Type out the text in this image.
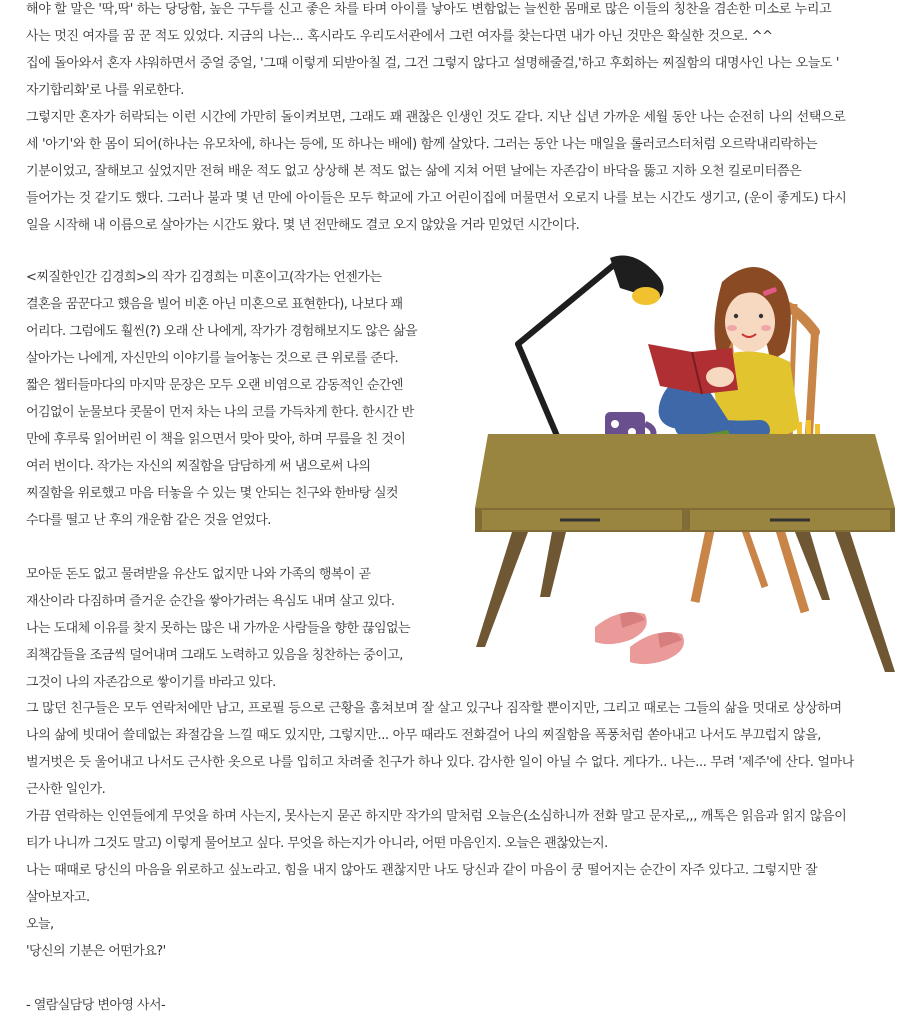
해야 할 말은 '딱,딱' 하는 당당함, 높은 구두를 신고 좋은 차를 타며 아이를 낳아도 변함없는 늘씬한 몸매로 많은 이들의 칭찬을 겸손한 미소로 누리고
사는 멋진 여자를 꿈 꾼 적도 있었다. 지금의 나는... 혹시라도 우리도서관에서 그런 여자를 찾는다면 내가 아닌 것만은 확실한 것으로. ^^
집에 돌아와서 혼자 샤워하면서 중얼 중얼, '그때 이렇게 되받아칠 걸, 그건 그렇지 않다고 설명해줄걸,'하고 후회하는 찌질함의 대명사인 나는 오늘도 '
자기합리화'로 나를 위로한다.
그렇지만 혼자가 허락되는 이런 시간에 가만히 돌이켜보면, 그래도 꽤 괜찮은 인생인 것도 같다. 지난 십년 가까운 세월 동안 나는 순전히 나의 선택으로
세 '아기'와 한 몸이 되어(하나는 유모차에, 하나는 등에, 또 하나는 배에) 함께 살았다. 그러는 동안 나는 매일을 롤러코스터처럼 오르락내리락하는
기분이었고, 잘해보고 싶었지만 전혀 배운 적도 없고 상상해 본 적도 없는 삶에 지쳐 어떤 날에는 자존감이 바닥을 뚫고 지하 오천 킬로미터쯤은
들어가는 것 같기도 했다. 그러나 불과 몇 년 만에 아이들은 모두 학교에 가고 어린이집에 머물면서 오로지 나를 보는 시간도 생기고, (운이 좋게도) 다시
일을 시작해 내 이름으로 살아가는 시간도 왔다. 몇 년 전만해도 결코 오지 않았을 거라 믿었던 시간이다.
<찌질한인간 김경희>의 작가 김경희는 미혼이고(작가는 언젠가는
결혼을 꿈꾼다고 했음을 빌어 비혼 아닌 미혼으로 표현한다), 나보다 꽤
어리다. 그럼에도 훨씬(?) 오래 산 나에게, 작가가 경험해보지도 않은 삶을
살아가는 나에게, 자신만의 이야기를 늘어놓는 것으로 큰 위로를 준다.
짧은 챕터들마다의 마지막 문장은 모두 오랜 비염으로 감동적인 순간엔
어김없이 눈물보다 콧물이 먼저 차는 나의 코를 가득차게 한다. 한시간 반
만에 후루룩 읽어버린 이 책을 읽으면서 맞아 맞아, 하며 무릎을 친 것이
여러 번이다. 작가는 자신의 찌질함을 담담하게 써 냄으로써 나의
찌질함을 위로했고 마음 터놓을 수 있는 몇 안되는 친구와 한바탕 실컷
수다를 떨고 난 후의 개운함 같은 것을 얻었다.
모아둔 돈도 없고 물려받을 유산도 없지만 나와 가족의 행복이 곧
재산이라 다짐하며 즐거운 순간을 쌓아가려는 욕심도 내며 살고 있다.
나는 도대체 이유를 찾지 못하는 많은 내 가까운 사람들을 향한 끊임없는
죄책감들을 조금씩 덜어내며 그래도 노력하고 있음을 칭찬하는 중이고,
그것이 나의 자존감으로 쌓이기를 바라고 있다.
그 많던 친구들은 모두 연락처에만 남고, 프로필 등으로 근황을 훔쳐보며 잘 살고 있구나 짐작할 뿐이지만, 그리고 때로는 그들의 삶을 멋대로 상상하며
나의 삶에 빗대어 쓸데없는 좌절감을 느낄 때도 있지만, 그렇지만... 아무 때라도 전화걸어 나의 찌질함을 폭풍처럼 쏟아내고 나서도 부끄럽지 않을,
벌거벗은 듯 울어내고 나서도 근사한 옷으로 나를 입히고 차려줄 친구가 하나 있다. 감사한 일이 아닐 수 없다. 게다가.. 나는... 무려 '제주'에 산다. 얼마나
근사한 일인가.
가끔 연락하는 인연들에게 무엇을 하며 사는지, 못사는지 묻곤 하지만 작가의 말처럼 오늘은(소심하니까 전화 말고 문자로,,, 깨톡은 읽음과 읽지 않음이
티가 나니까 그것도 말고) 이렇게 물어보고 싶다. 무엇을 하는지가 아니라, 어떤 마음인지. 오늘은 괜찮았는지.
나는 때때로 당신의 마음을 위로하고 싶노라고. 힘을 내지 않아도 괜찮지만 나도 당신과 같이 마음이 쿵 떨어지는 순간이 자주 있다고. 그렇지만 잘
살아보자고.
오늘,
'당신의 기분은 어떤가요?'
- 열람실담당 변아영 사서-
